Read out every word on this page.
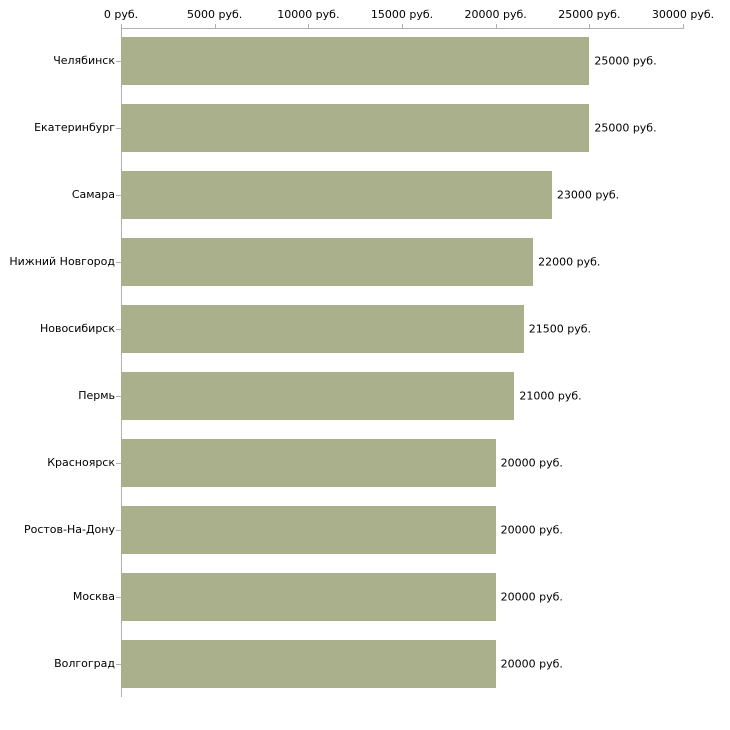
0 руб.	5000 руб.	10000 руб.	15000 руб.	20000 руб.	25000 руб.	30000 руб.
Челябинск
Екатеринбург
Самара
Нижний Новгород
Новосибирск
Пермь
Красноярск
Ростов-На-Дону
Москва
Волгоград
25000 руб.
25000 руб.
23000 руб.
22000 руб.
21500 руб.
21000 руб.
20000 руб.
20000 руб.
20000 руб.
20000 руб.
